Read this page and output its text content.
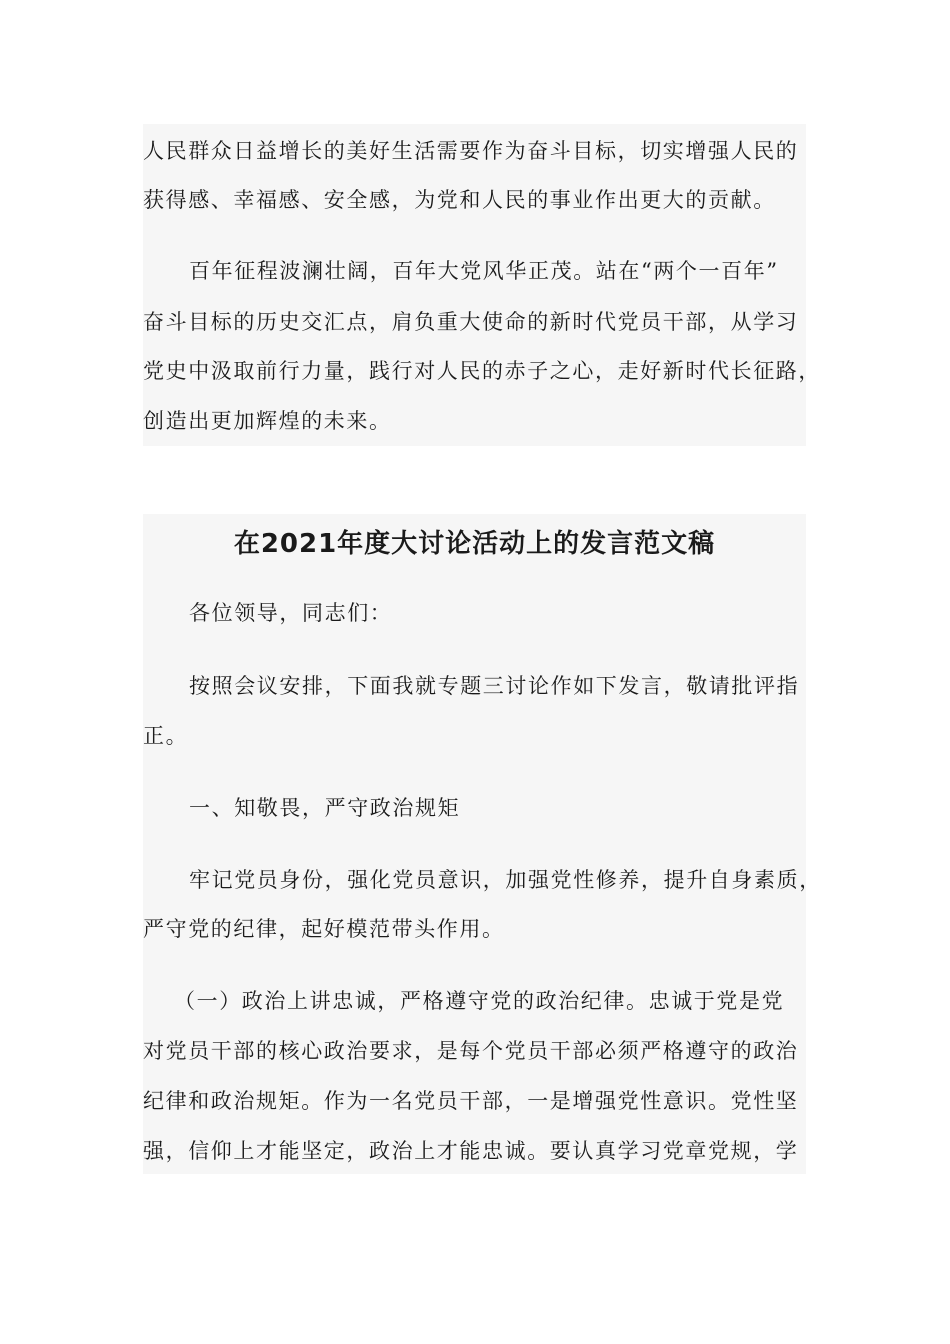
人民群众日益增长的美好生活需要作为奋斗目标，切实增强人民的
获得感、幸福感、安全感，为党和人民的事业作出更大的贡献。
百年征程波澜壮阔，百年大党风华正茂。站在“两个一百年”
奋斗目标的历史交汇点，肩负重大使命的新时代党员干部，从学习
党史中汲取前行力量，践行对人民的赤子之心，走好新时代长征路，
创造出更加辉煌的未来。
在2021年度大讨论活动上的发言范文稿
各位领导，同志们：
按照会议安排，下面我就专题三讨论作如下发言，敬请批评指
正。
一、知敬畏，严守政治规矩
牢记党员身份，强化党员意识，加强党性修养，提升自身素质，
严守党的纪律，起好模范带头作用。
（一）政治上讲忠诚，严格遵守党的政治纪律。忠诚于党是党
对党员干部的核心政治要求，是每个党员干部必须严格遵守的政治
纪律和政治规矩。作为一名党员干部，一是增强党性意识。党性坚
强，信仰上才能坚定，政治上才能忠诚。要认真学习党章党规，学
